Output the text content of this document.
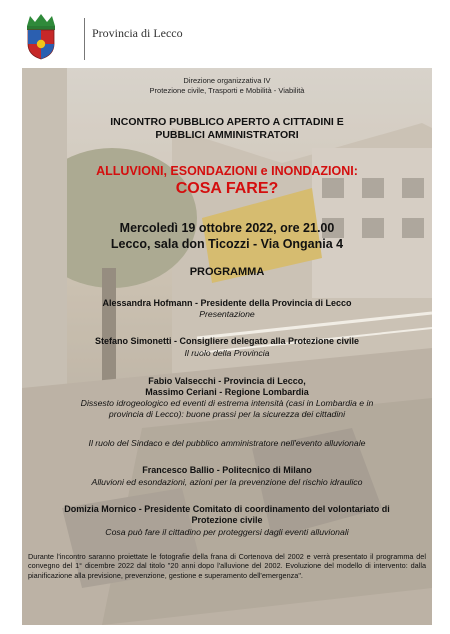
Provincia di Lecco
Direzione organizzativa IV
Protezione civile, Trasporti e Mobilità - Viabilità
INCONTRO PUBBLICO APERTO A CITTADINI E
PUBBLICI AMMINISTRATORI
ALLUVIONI, ESONDAZIONI e INONDAZIONI:
COSA FARE?
Mercoledì 19 ottobre 2022, ore 21.00
Lecco, sala don Ticozzi - Via Ongania 4
PROGRAMMA
Alessandra Hofmann - Presidente della Provincia di Lecco
Presentazione
Stefano Simonetti - Consigliere delegato alla Protezione civile
Il ruolo della Provincia
Fabio Valsecchi - Provincia di Lecco,
Massimo Ceriani - Regione Lombardia
Dissesto idrogeologico ed eventi di estrema intensità (casi in Lombardia e in
provincia di Lecco): buone prassi per la sicurezza dei cittadini
Il ruolo del Sindaco e del pubblico amministratore nell'evento alluvionale
Francesco Ballio - Politecnico di Milano
Alluvioni ed esondazioni, azioni per la prevenzione del rischio idraulico
Domizia Mornico - Presidente Comitato di coordinamento del volontariato di
Protezione civile
Cosa può fare il cittadino per proteggersi dagli eventi alluvionali
Durante l'incontro saranno proiettate le fotografie della frana di Cortenova del 2002 e verrà presentato il programma del convegno del 1° dicembre 2022 dal titolo "20 anni dopo l'alluvione del 2002. Evoluzione del modello di intervento: dalla pianificazione alla previsione, prevenzione, gestione e superamento dell'emergenza".
